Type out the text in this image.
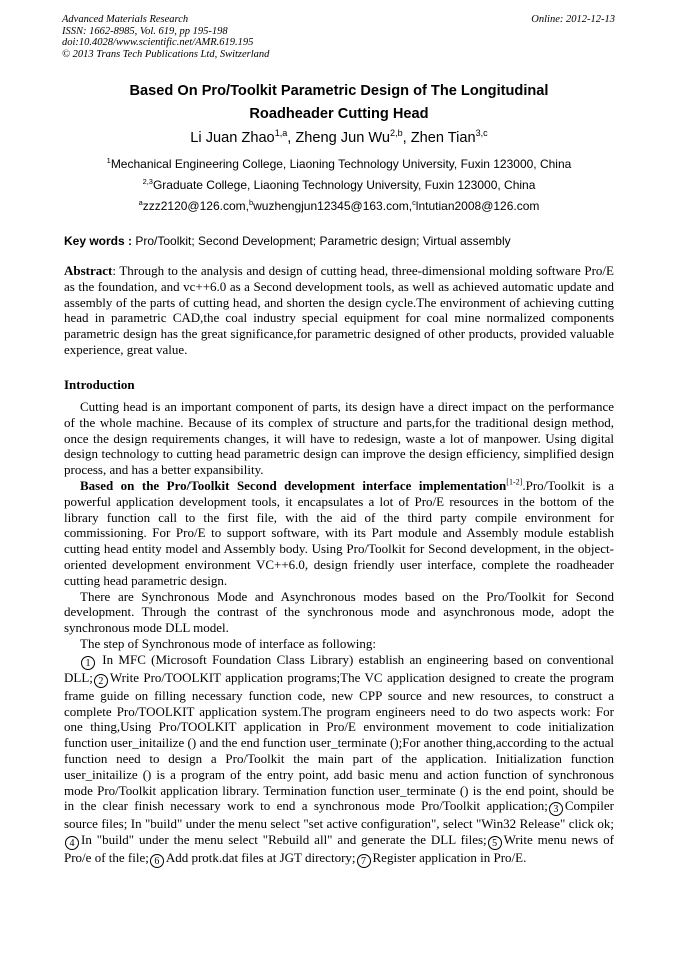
Advanced Materials Research
ISSN: 1662-8985, Vol. 619, pp 195-198
doi:10.4028/www.scientific.net/AMR.619.195
© 2013 Trans Tech Publications Ltd, Switzerland
Online: 2012-12-13
Based On Pro/Toolkit Parametric Design of The Longitudinal
Roadheader Cutting Head
Li Juan Zhao$^{1,a}$, Zheng Jun Wu$^{2,b}$, Zhen Tian$^{3,c}$
$^1$Mechanical Engineering College, Liaoning Technology University, Fuxin 123000, China
$^{2,3}$Graduate College, Liaoning Technology University, Fuxin 123000, China
$^a$zzz2120@126.com,$^b$wuzhengjun12345@163.com,$^c$lntutian2008@126.com
Key words : Pro/Toolkit; Second Development; Parametric design; Virtual assembly
Abstract: Through to the analysis and design of cutting head, three-dimensional molding software Pro/E as the foundation, and vc++6.0 as a Second development tools, as well as achieved automatic update and assembly of the parts of cutting head, and shorten the design cycle.The environment of achieving cutting head in parametric CAD,the coal industry special equipment for coal mine normalized components parametric design has the great significance,for parametric designed of other products, provided valuable experience, great value.
Introduction

Cutting head is an important component of parts, its design have a direct impact on the performance of the whole machine. Because of its complex of structure and parts,for the traditional design method, once the design requirements changes, it will have to redesign, waste a lot of manpower. Using digital design technology to cutting head parametric design can improve the design efficiency, simplified design process, and has a better expansibility.

Based on the Pro/Toolkit Second development interface implementation[1-2].Pro/Toolkit is a powerful application development tools, it encapsulates a lot of Pro/E resources in the bottom of the library function call to the first file, with the aid of the third party compile environment for commissioning. For Pro/E to support software, with its Part module and Assembly module establish cutting head entity model and Assembly body. Using Pro/Toolkit for Second development, in the object-oriented development environment VC++6.0, design friendly user interface, complete the roadheader cutting head parametric design.

There are Synchronous Mode and Asynchronous modes based on the Pro/Toolkit for Second development. Through the contrast of the synchronous mode and asynchronous mode, adopt the synchronous mode DLL model.

The step of Synchronous mode of interface as following:

1 In MFC (Microsoft Foundation Class Library) establish an engineering based on conventional DLL; 2 Write Pro/TOOLKIT application programs;The VC application designed to create the program frame guide on filling necessary function code, new CPP source and new resources, to construct a complete Pro/TOOLKIT application system.The program engineers need to do two aspects work: For one thing,Using Pro/TOOLKIT application in Pro/E environment movement to code initialization function user_initailize () and the end function user_terminate ();For another thing,according to the actual function need to design a Pro/Toolkit the main part of the application. Initialization function user_initailize () is a program of the entry point, add basic menu and action function of synchronous mode Pro/Toolkit application library. Termination function user_terminate () is the end point, should be in the clear finish necessary work to end a synchronous mode Pro/Toolkit application; 3 Compiler source files; In "build" under the menu select "set active configuration", select "Win32 Release" click ok;4 In "build" under the menu select "Rebuild all" and generate the DLL files; 5 Write menu news of Pro/e of the file; 6 Add protk.dat files at JGT directory; 7 Register application in Pro/E.
